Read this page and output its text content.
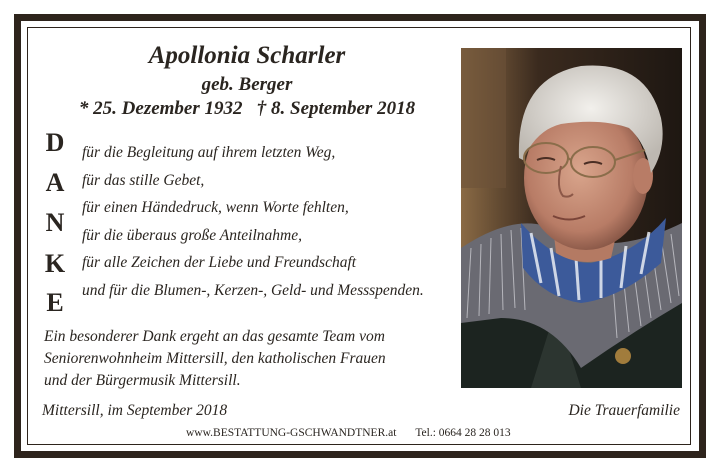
Apollonia Scharler
geb. Berger
* 25. Dezember 1932   † 8. September 2018
D
A
N
K
E
für die Begleitung auf ihrem letzten Weg,
für das stille Gebet,
für einen Händedruck, wenn Worte fehlten,
für die überaus große Anteilnahme,
für alle Zeichen der Liebe und Freundschaft
und für die Blumen-, Kerzen-, Geld- und Messspenden.
Ein besonderer Dank ergeht an das gesamte Team vom
Seniorenwohnheim Mittersill, den katholischen Frauen
und der Bürgermusik Mittersill.
Mittersill, im September 2018	Die Trauerfamilie
www.BESTATTUNG-GSCHWANDTNER.at Tel.: 0664 28 28 013
